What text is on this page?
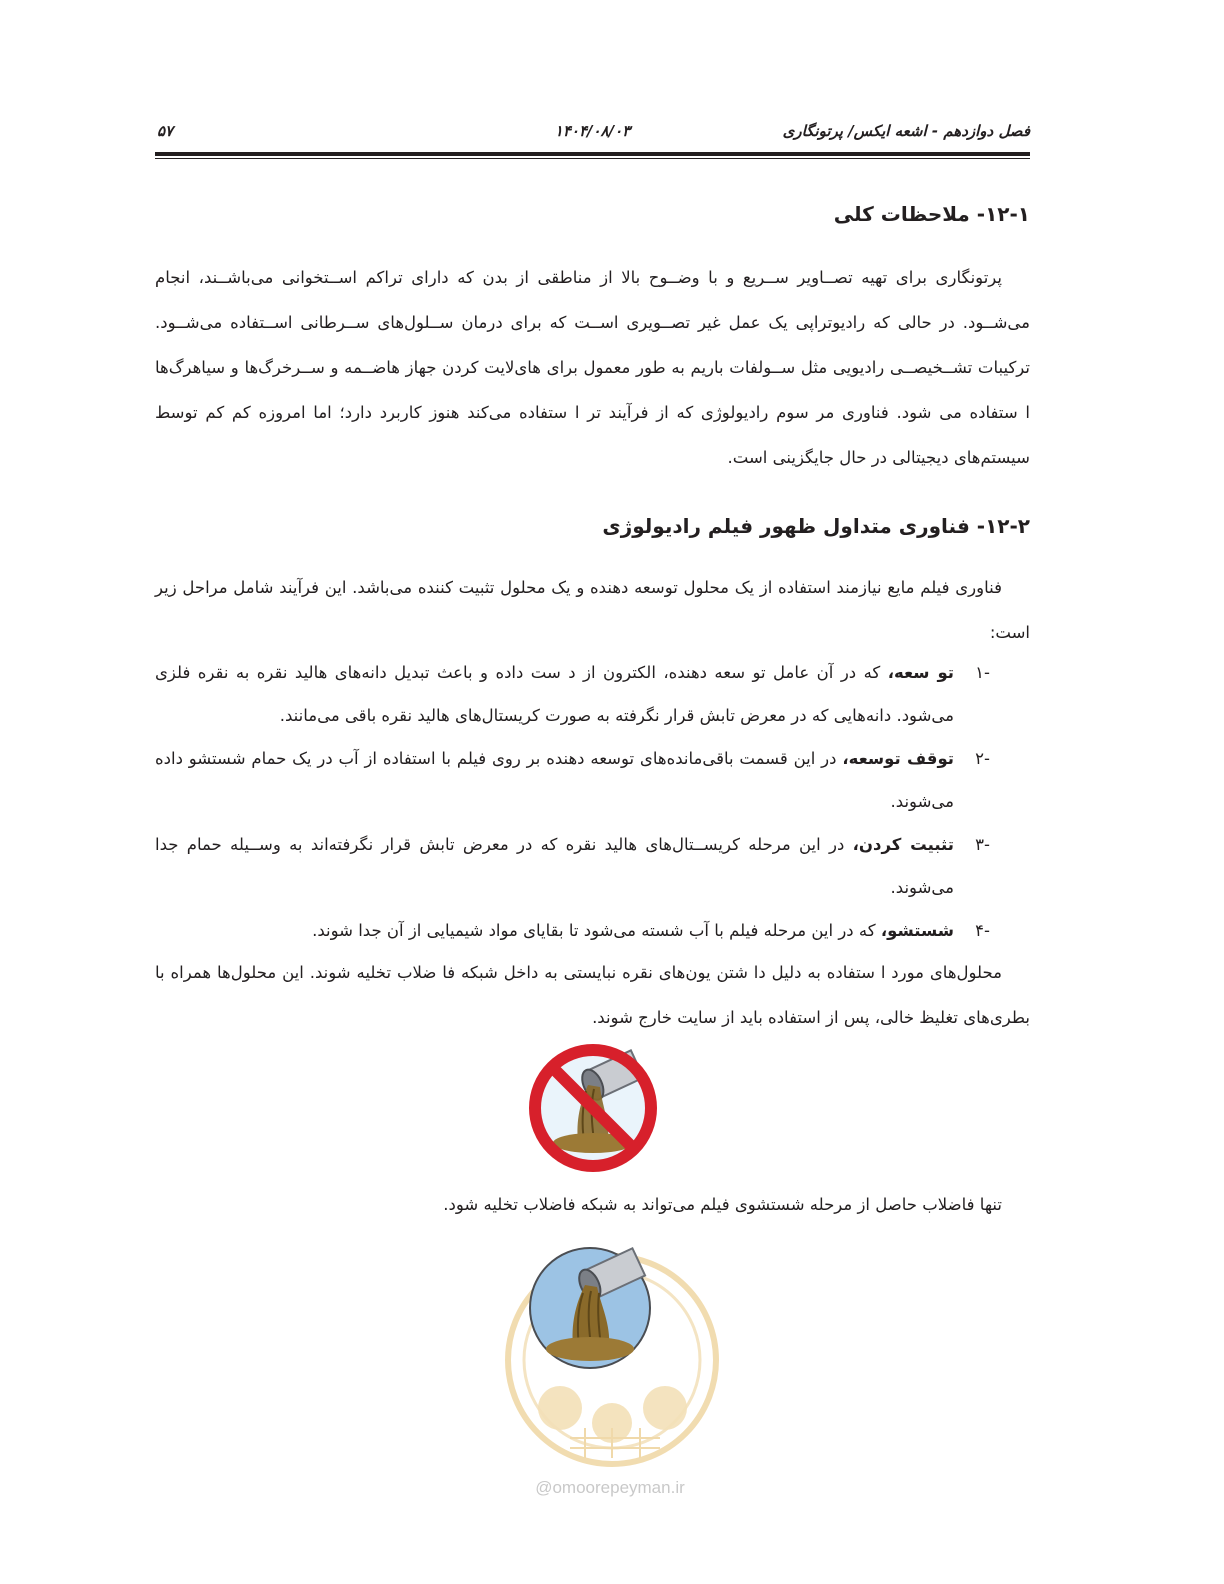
فصل دوازدهم - اشعه ایکس/ پرتونگاری
۱۴۰۴/۰۸/۰۳
۵۷
۱۲-۱- ملاحظات کلی

پرتونگاری برای تهیه تصــاویر ســریع و با وضــوح بالا از مناطقی از بدن که دارای تراکم اســتخوانی می‌باشــند، انجام می‌شــود. در حالی که رادیوتراپی یک عمل غیر تصــویری اســت که برای درمان ســلول‌های ســرطانی اســتفاده می‌شــود. ترکیبات تشــخیصــی رادیویی مثل ســولفات باریم به طور معمول برای های‌لایت کردن جهاز هاضــمه و ســرخرگ‌ها و سیاهرگ‌ها ا ستفاده می شود. فناوری مر سوم رادیولوژی که از فرآیند تر ا ستفاده می‌کند هنوز کاربرد دارد؛ اما امروزه کم کم توسط سیستم‌های دیجیتالی در حال جایگزینی است.

۱۲-۲- فناوری متداول ظهور فیلم رادیولوژی

فناوری فیلم مایع نیازمند استفاده از یک محلول توسعه دهنده و یک محلول تثبیت کننده می‌باشد. این فرآیند شامل مراحل زیر است:

-۱
تو سعه، که در آن عامل تو سعه دهنده، الکترون از د ست داده و باعث تبدیل دانه‌های هالید نقره به نقره فلزی می‌شود. دانه‌هایی که در معرض تابش قرار نگرفته به صورت کریستال‌های هالید نقره باقی می‌مانند.
-۲
توقف توسعه، در این قسمت باقی‌مانده‌های توسعه دهنده بر روی فیلم با استفاده از آب در یک حمام شستشو داده می‌شوند.
-۳
تثبیت کردن، در این مرحله کریســتال‌های هالید نقره که در معرض تابش قرار نگرفته‌اند به وســیله حمام جدا می‌شوند.
-۴
شستشو، که در این مرحله فیلم با آب شسته می‌شود تا بقایای مواد شیمیایی از آن جدا شوند.

محلول‌های مورد ا ستفاده به دلیل دا شتن یون‌های نقره نبایستی به داخل شبکه فا ضلاب تخلیه شوند. این محلول‌ها همراه با بطری‌های تغلیظ خالی، پس از استفاده باید از سایت خارج شوند.

تنها فاضلاب حاصل از مرحله شستشوی فیلم می‌تواند به شبکه فاضلاب تخلیه شود.
@omoorepeyman.ir
